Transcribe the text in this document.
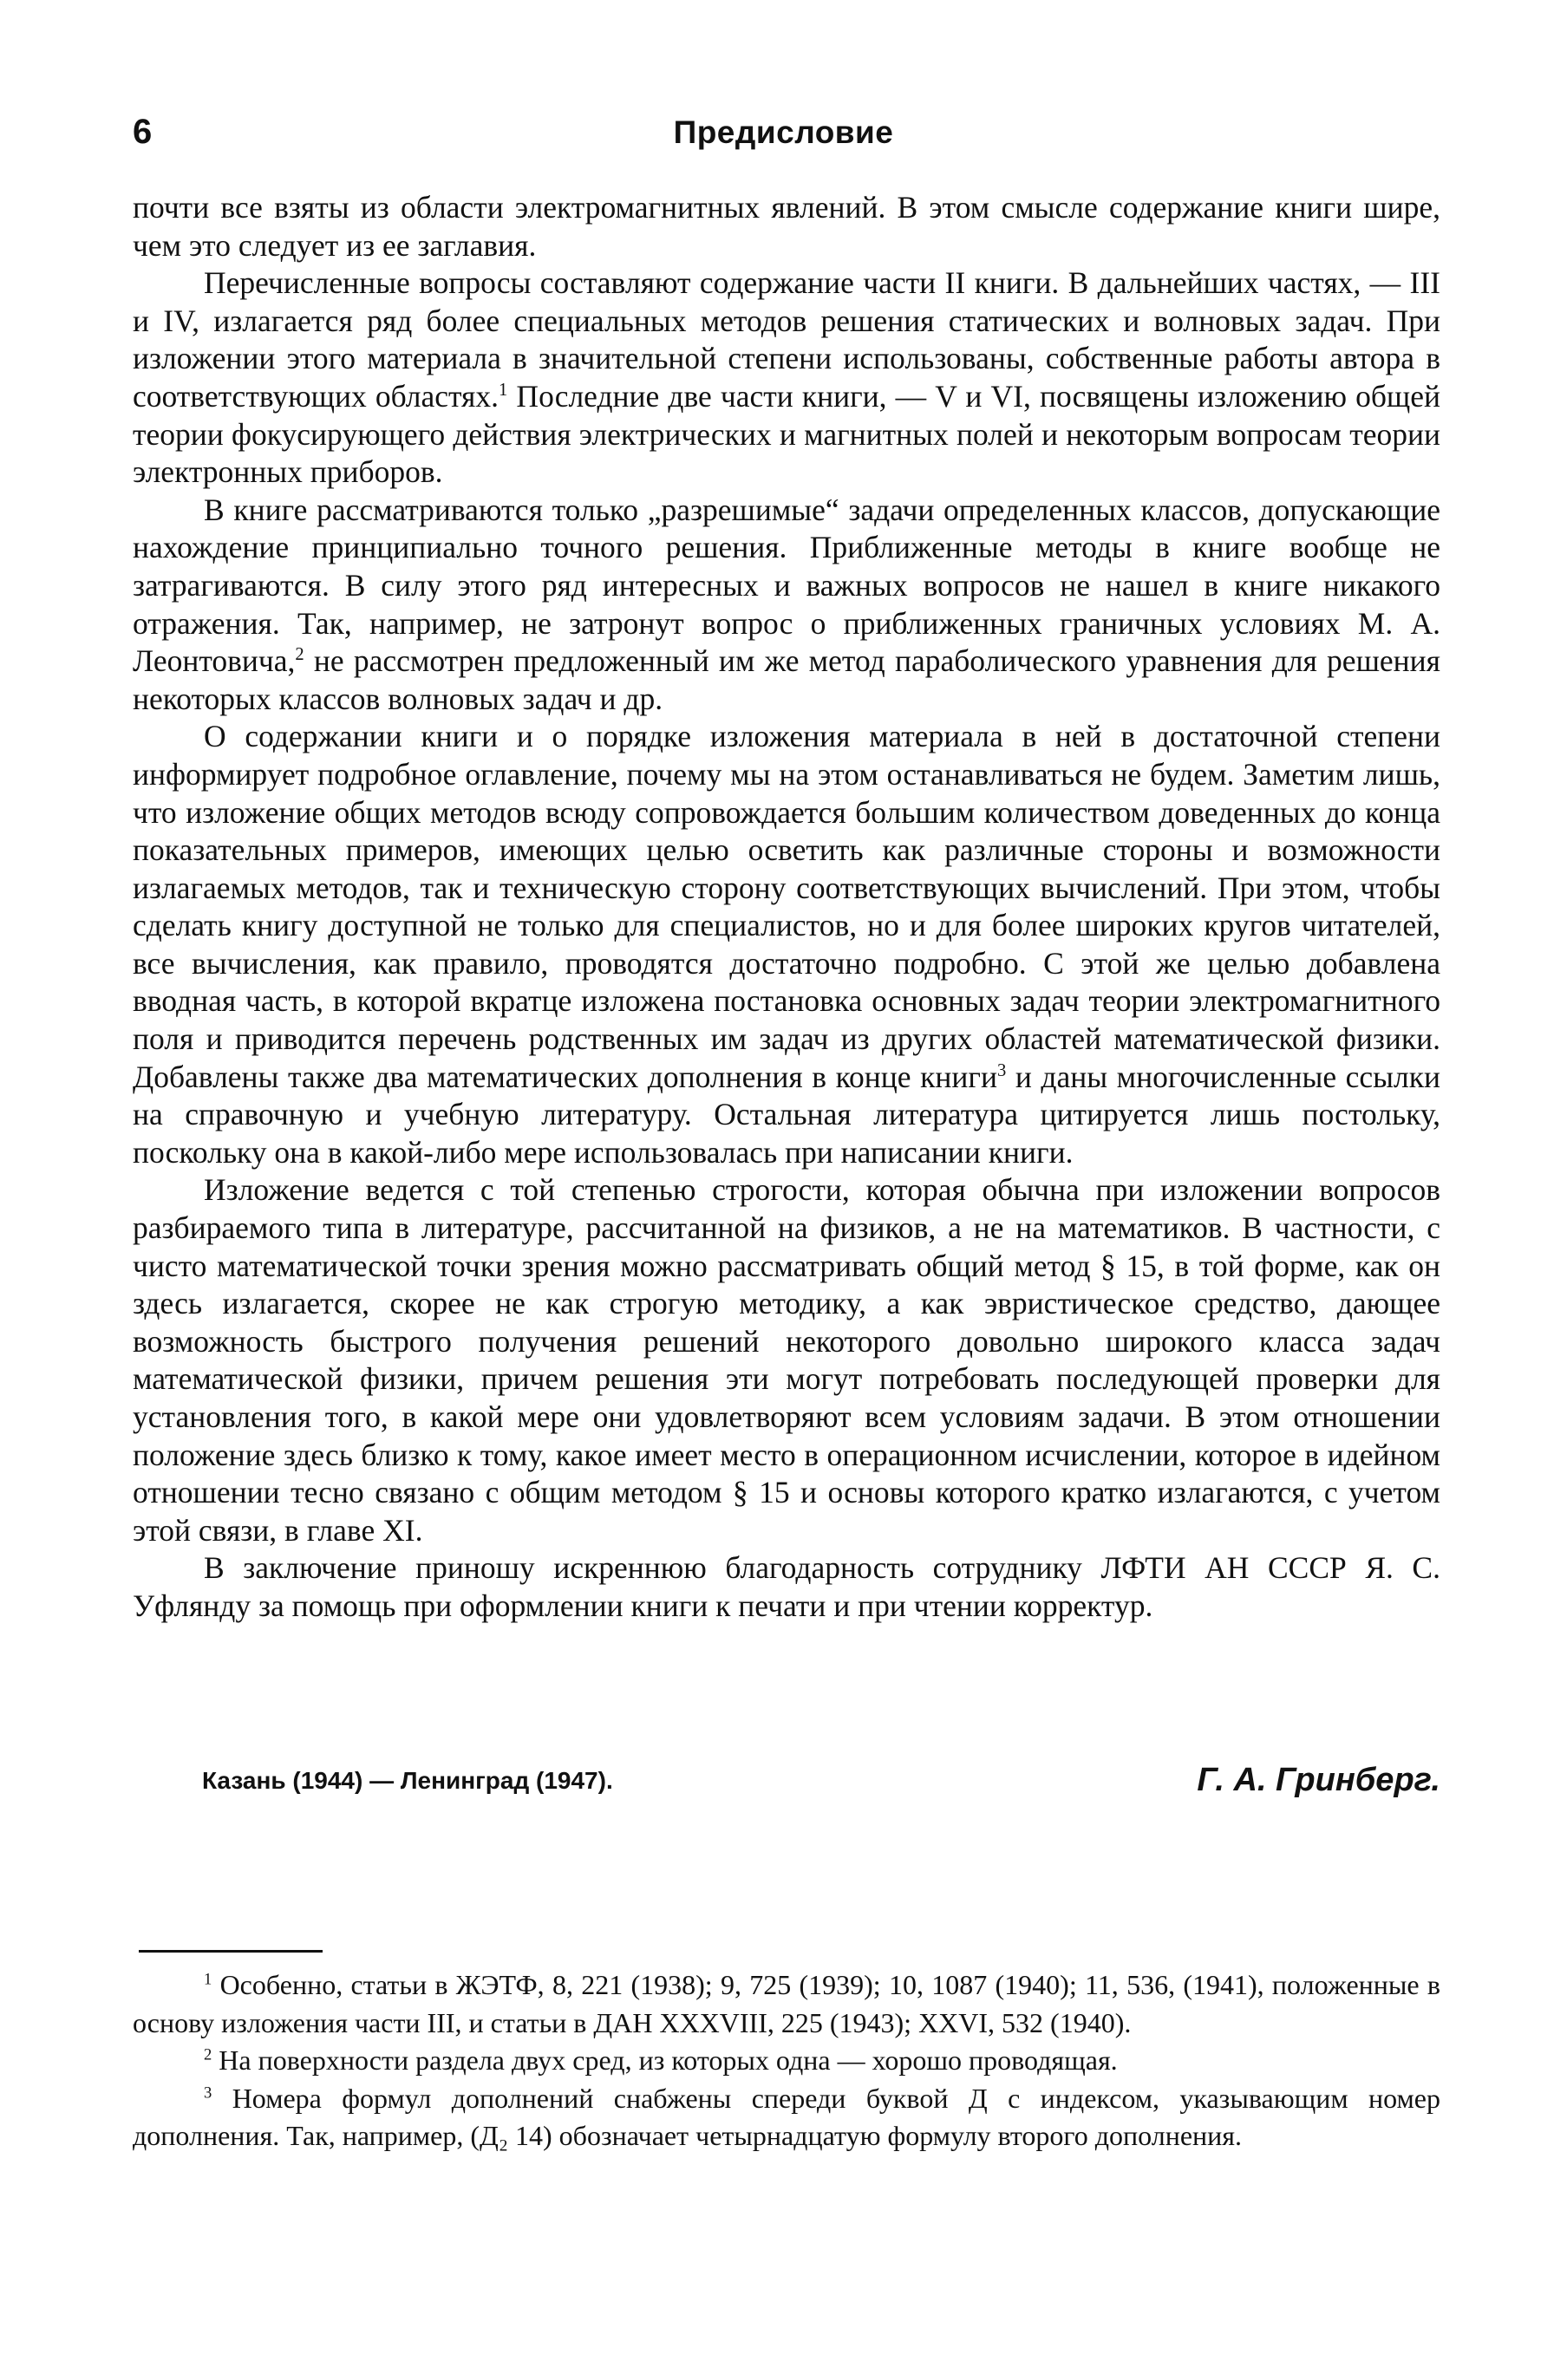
6	Предисловие

почти все взяты из области электромагнитных явлений. В этом смысле содержание книги шире, чем это следует из ее заглавия.

Перечисленные вопросы составляют содержание части II книги. В дальнейших частях, — III и IV, излагается ряд более специальных методов решения статических и волновых задач. При изложении этого материала в значительной степени использованы, собственные работы автора в соответствующих областях.$^1$ Последние две части книги, — V и VI, посвящены изложению общей теории фокусирующего действия электрических и магнитных полей и некоторым вопросам теории электронных приборов.

В книге рассматриваются только „разрешимые“ задачи определенных классов, допускающие нахождение принципиально точного решения. Приближенные методы в книге вообще не затрагиваются. В силу этого ряд интересных и важных вопросов не нашел в книге никакого отражения. Так, например, не затронут вопрос о приближенных граничных условиях М. А. Леонтовича,$^2$ не рассмотрен предложенный им же метод параболического уравнения для решения некоторых классов волновых задач и др.

О содержании книги и о порядке изложения материала в ней в достаточной степени информирует подробное оглавление, почему мы на этом останавливаться не будем. Заметим лишь, что изложение общих методов всюду сопровождается большим количеством доведенных до конца показательных примеров, имеющих целью осветить как различные стороны и возможности излагаемых методов, так и техническую сторону соответствующих вычислений. При этом, чтобы сделать книгу доступной не только для специалистов, но и для более широких кругов читателей, все вычисления, как правило, проводятся достаточно подробно. С этой же целью добавлена вводная часть, в которой вкратце изложена постановка основных задач теории электромагнитного поля и приводится перечень родственных им задач из других областей математической физики. Добавлены также два математических дополнения в конце книги$^3$ и даны многочисленные ссылки на справочную и учебную литературу. Остальная литература цитируется лишь постольку, поскольку она в какой-либо мере использовалась при написании книги.

Изложение ведется с той степенью строгости, которая обычна при изложении вопросов разбираемого типа в литературе, рассчитанной на физиков, а не на математиков. В частности, с чисто математической точки зрения можно рассматривать общий метод § 15, в той форме, как он здесь излагается, скорее не как строгую методику, а как эвристическое средство, дающее возможность быстрого получения решений некоторого довольно широкого класса задач математической физики, причем решения эти могут потребовать последующей проверки для установления того, в какой мере они удовлетворяют всем условиям задачи. В этом отношении положение здесь близко к тому, какое имеет место в операционном исчислении, которое в идейном отношении тесно связано с общим методом § 15 и основы которого кратко излагаются, с учетом этой связи, в главе XI.

В заключение приношу искреннюю благодарность сотруднику ЛФТИ АН СССР Я. С. Уфлянду за помощь при оформлении книги к печати и при чтении корректур.

Казань (1944) — Ленинград (1947).	Г. А. Гринберг.

$^1$ Особенно, статьи в ЖЭТФ, 8, 221 (1938); 9, 725 (1939); 10, 1087 (1940); 11, 536, (1941), положенные в основу изложения части III, и статьи в ДАН XXXVIII, 225 (1943); XXVI, 532 (1940).

$^2$ На поверхности раздела двух сред, из которых одна — хорошо проводящая.

$^3$ Номера формул дополнений снабжены спереди буквой Д с индексом, указывающим номер дополнения. Так, например, (Д₂ 14) обозначает четырнадцатую формулу второго дополнения.
